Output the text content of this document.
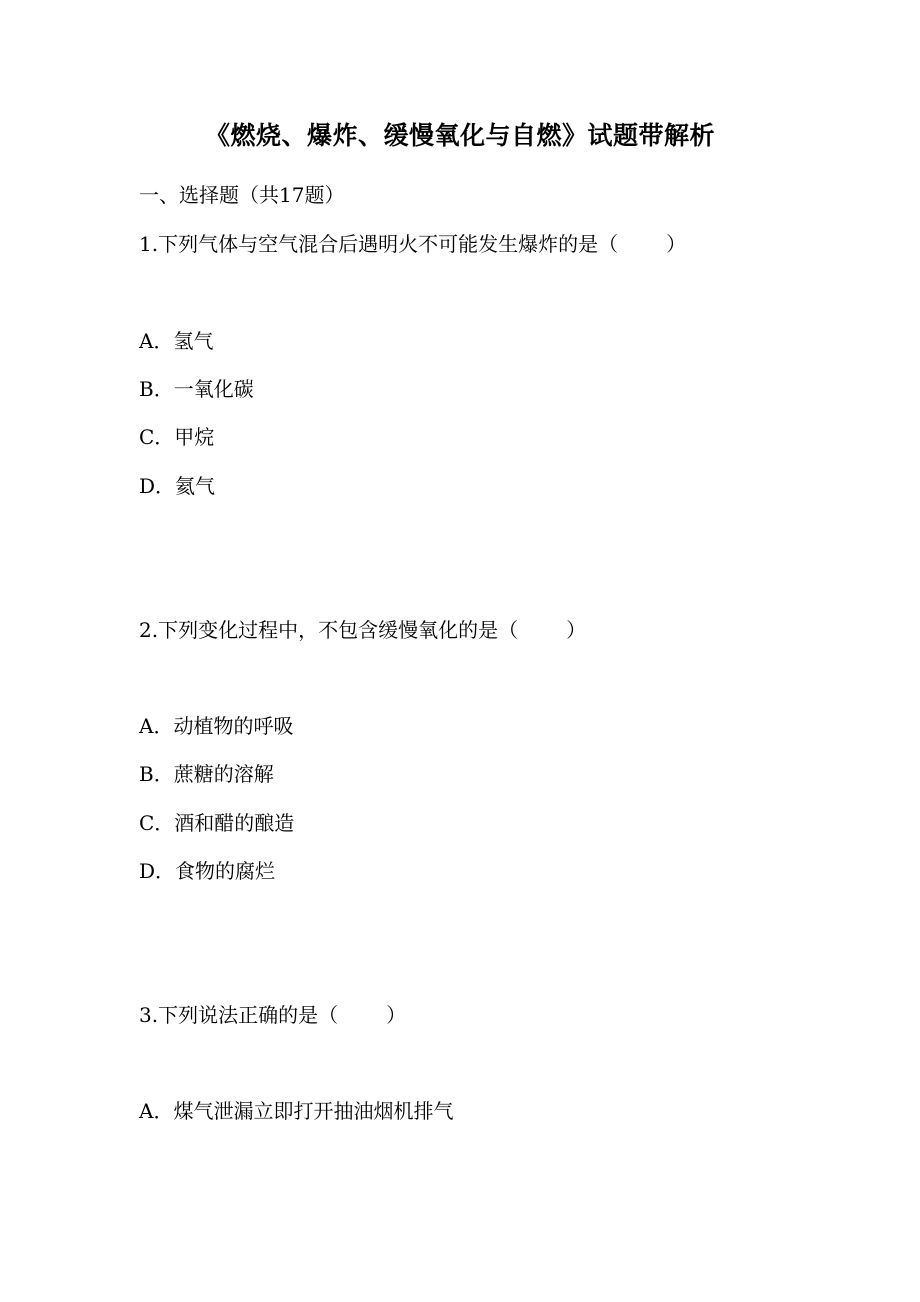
《燃烧、爆炸、缓慢氧化与自燃》试题带解析
一、选择题（共17题）
1.下列气体与空气混合后遇明火不可能发生爆炸的是（ ）
A．氢气
B．一氧化碳
C．甲烷
D．氦气
2.下列变化过程中，不包含缓慢氧化的是（ ）
A．动植物的呼吸
B．蔗糖的溶解
C．酒和醋的酿造
D．食物的腐烂
3.下列说法正确的是（ ）
A．煤气泄漏立即打开抽油烟机排气
